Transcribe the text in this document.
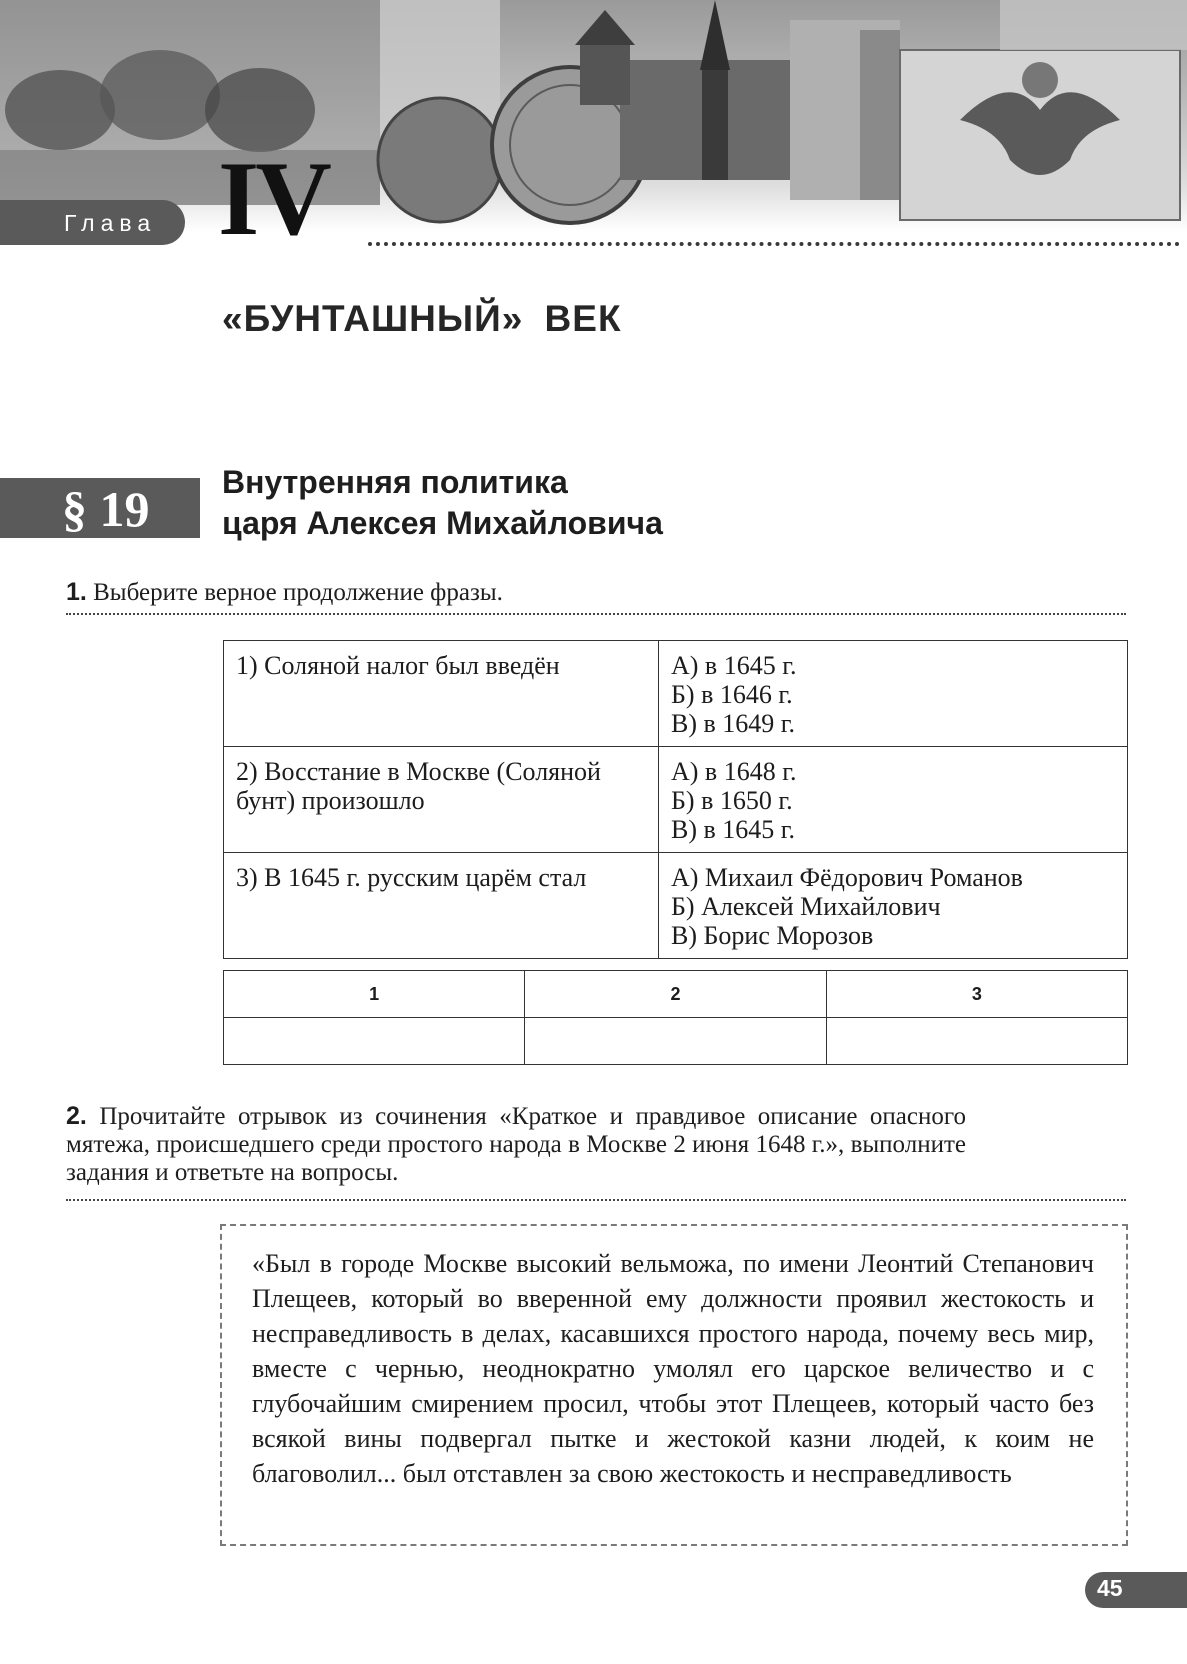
Глава IV
«БУНТАШНЫЙ» ВЕК
§ 19 Внутренняя политика
царя Алексея Михайловича
1. Выберите верное продолжение фразы.
1) Соляной налог был введён	А) в 1645 г.
Б) в 1646 г.
В) в 1649 г.

2) Восстание в Москве (Соляной бунт) произошло	А) в 1648 г.
Б) в 1650 г.
В) в 1645 г.

3) В 1645 г. русским царём стал	А) Михаил Фёдорович Романов
Б) Алексей Михайлович
В) Борис Морозов
1	2	3

2. Прочитайте отрывок из сочинения «Краткое и правдивое описание опасного мятежа, происшедшего среди простого народа в Москве 2 июня 1648 г.», выполните задания и ответьте на вопросы.
«Был в городе Москве высокий вельможа, по имени Леонтий Степанович Плещеев, который во вверенной ему должности проявил жестокость и несправедливость в делах, касавшихся простого народа, почему весь мир, вместе с чернью, неоднократно умолял его царское величество и с глубочайшим смирением просил, чтобы этот Плещеев, который часто без всякой вины подвергал пытке и жестокой казни людей, к коим не благоволил... был отставлен за свою жестокость и несправедливость
45
